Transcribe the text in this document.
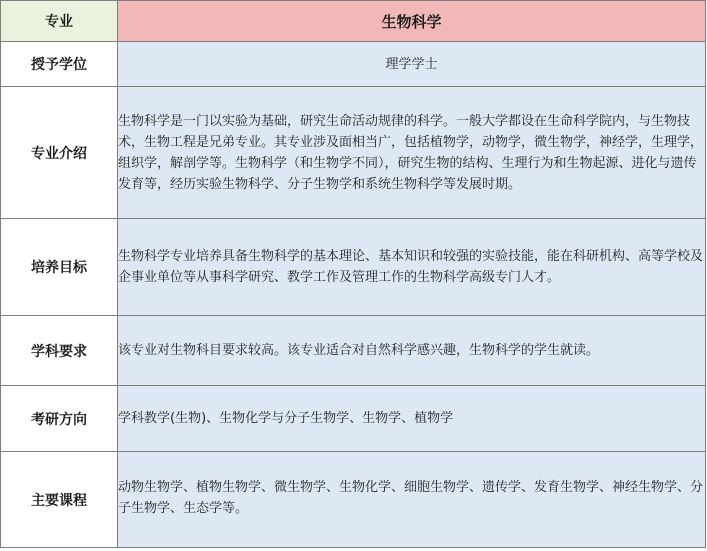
专业	生物科学
授予学位	理学学士
专业介绍	生物科学是一门以实验为基础，研究生命活动规律的科学。一般大学都设在生命科学院内，与生物技术，生物工程是兄弟专业。其专业涉及面相当广，包括植物学，动物学，微生物学，神经学，生理学，组织学，解剖学等。生物科学（和生物学不同），研究生物的结构、生理行为和生物起源、进化与遗传发育等，经历实验生物科学、分子生物学和系统生物科学等发展时期。
培养目标	生物科学专业培养具备生物科学的基本理论、基本知识和较强的实验技能，能在科研机构、高等学校及企事业单位等从事科学研究、教学工作及管理工作的生物科学高级专门人才。
学科要求	该专业对生物科目要求较高。该专业适合对自然科学感兴趣，生物科学的学生就读。
考研方向	学科教学(生物)、生物化学与分子生物学、生物学、植物学
主要课程	动物生物学、植物生物学、微生物学、生物化学、细胞生物学、遗传学、发育生物学、神经生物学、分子生物学、生态学等。
